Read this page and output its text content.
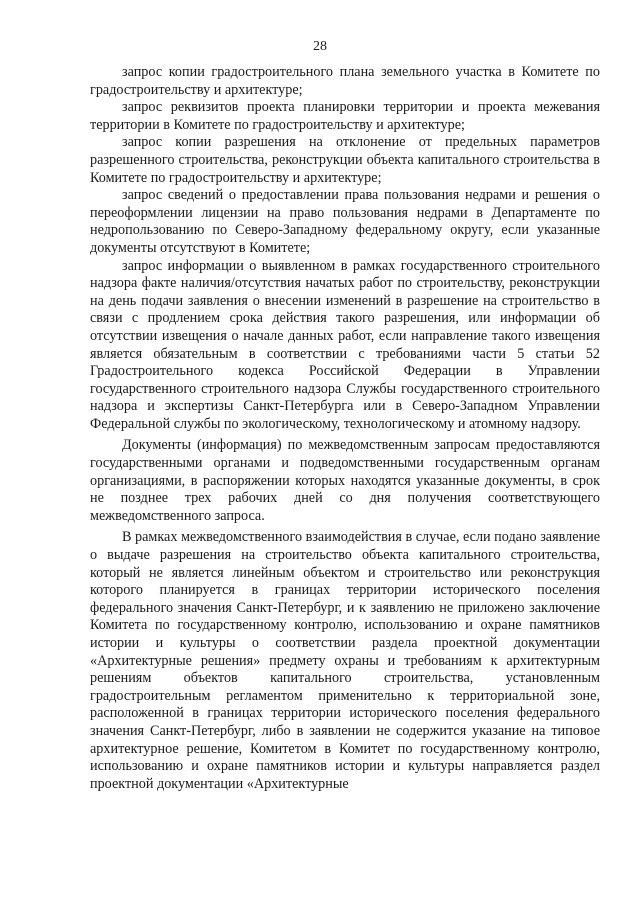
28

запрос копии градостроительного плана земельного участка в Комитете по градостроительству и архитектуре;

запрос реквизитов проекта планировки территории и проекта межевания территории в Комитете по градостроительству и архитектуре;

запрос копии разрешения на отклонение от предельных параметров разрешенного строительства, реконструкции объекта капитального строительства в Комитете по градостроительству и архитектуре;

запрос сведений о предоставлении права пользования недрами и решения о переоформлении лицензии на право пользования недрами в Департаменте по недропользованию по Северо-Западному федеральному округу, если указанные документы отсутствуют в Комитете;

запрос информации о выявленном в рамках государственного строительного надзора факте наличия/отсутствия начатых работ по строительству, реконструкции на день подачи заявления о внесении изменений в разрешение на строительство в связи с продлением срока действия такого разрешения, или информации об отсутствии извещения о начале данных работ, если направление такого извещения является обязательным в соответствии с требованиями части 5 статьи 52 Градостроительного кодекса Российской Федерации в Управлении государственного строительного надзора Службы государственного строительного надзора и экспертизы Санкт-Петербурга или в Северо-Западном Управлении Федеральной службы по экологическому, технологическому и атомному надзору.

Документы (информация) по межведомственным запросам предоставляются государственными органами и подведомственными государственным органам организациями, в распоряжении которых находятся указанные документы, в срок не позднее трех рабочих дней со дня получения соответствующего межведомственного запроса.

В рамках межведомственного взаимодействия в случае, если подано заявление о выдаче разрешения на строительство объекта капитального строительства, который не является линейным объектом и строительство или реконструкция которого планируется в границах территории исторического поселения федерального значения Санкт-Петербург, и к заявлению не приложено заключение Комитета по государственному контролю, использованию и охране памятников истории и культуры о соответствии раздела проектной документации «Архитектурные решения» предмету охраны и требованиям к архитектурным решениям объектов капитального строительства, установленным градостроительным регламентом применительно к территориальной зоне, расположенной в границах территории исторического поселения федерального значения Санкт-Петербург, либо в заявлении не содержится указание на типовое архитектурное решение, Комитетом в Комитет по государственному контролю, использованию и охране памятников истории и культуры направляется раздел проектной документации «Архитектурные
